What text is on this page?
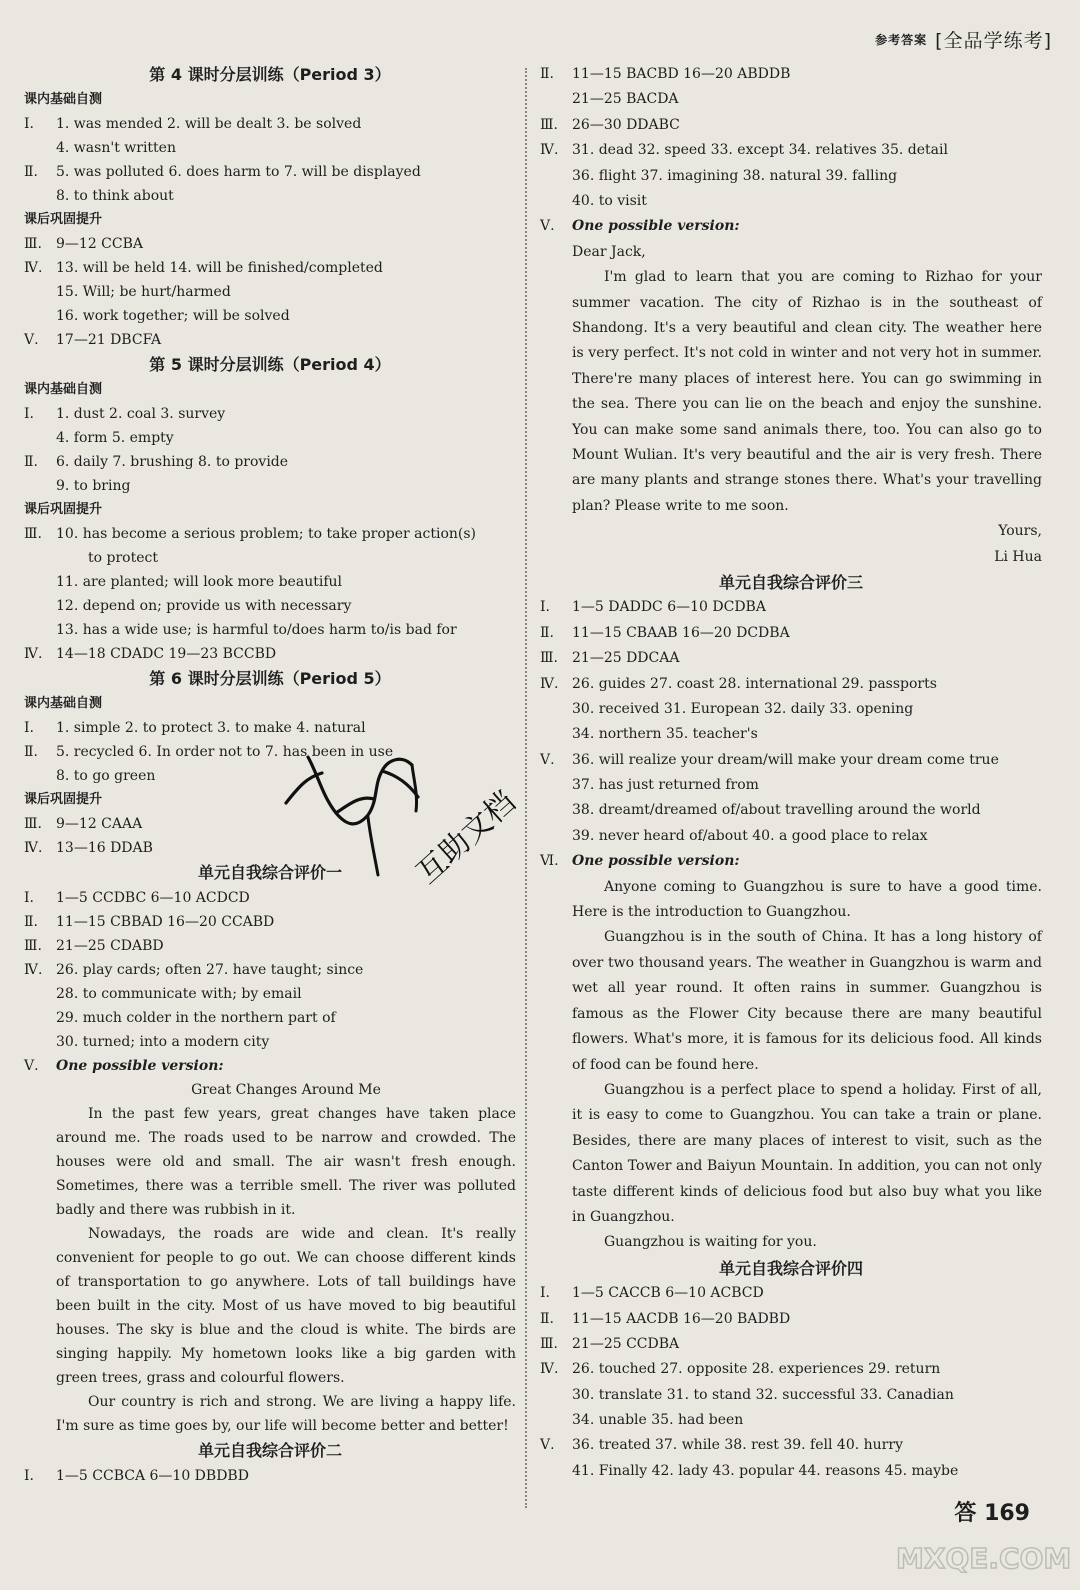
参考答案 [全品学练考]
第 4 课时分层训练（Period 3）
课内基础自测
Ⅰ. 1. was mended 2. will be dealt 3. be solved
4. wasn't written
Ⅱ. 5. was polluted 6. does harm to 7. will be displayed
8. to think about
课后巩固提升
Ⅲ. 9—12 CCBA
Ⅳ. 13. will be held 14. will be finished/completed
15. Will; be hurt/harmed
16. work together; will be solved
Ⅴ. 17—21 DBCFA
第 5 课时分层训练（Period 4）
课内基础自测
Ⅰ. 1. dust 2. coal 3. survey
4. form 5. empty
Ⅱ. 6. daily 7. brushing 8. to provide
9. to bring
课后巩固提升
Ⅲ. 10. has become a serious problem; to take proper action(s)
to protect
11. are planted; will look more beautiful
12. depend on; provide us with necessary
13. has a wide use; is harmful to/does harm to/is bad for
Ⅳ. 14—18 CDADC 19—23 BCCBD
第 6 课时分层训练（Period 5）
课内基础自测
Ⅰ. 1. simple 2. to protect 3. to make 4. natural
Ⅱ. 5. recycled 6. In order not to 7. has been in use
8. to go green
课后巩固提升
Ⅲ. 9—12 CAAA
Ⅳ. 13—16 DDAB
单元自我综合评价一
Ⅰ. 1—5 CCDBC 6—10 ACDCD
Ⅱ. 11—15 CBBAD 16—20 CCABD
Ⅲ. 21—25 CDABD
Ⅳ. 26. play cards; often 27. have taught; since
28. to communicate with; by email
29. much colder in the northern part of
30. turned; into a modern city
Ⅴ. One possible version:
Great Changes Around Me
In the past few years, great changes have taken place around me. The roads used to be narrow and crowded. The houses were old and small. The air wasn't fresh enough. Sometimes, there was a terrible smell. The river was polluted badly and there was rubbish in it.
Nowadays, the roads are wide and clean. It's really convenient for people to go out. We can choose different kinds of transportation to go anywhere. Lots of tall buildings have been built in the city. Most of us have moved to big beautiful houses. The sky is blue and the cloud is white. The birds are singing happily. My hometown looks like a big garden with green trees, grass and colourful flowers.
Our country is rich and strong. We are living a happy life. I'm sure as time goes by, our life will become better and better!
单元自我综合评价二
Ⅰ. 1—5 CCBCA 6—10 DBDBD
Ⅱ. 11—15 BACBD 16—20 ABDDB
21—25 BACDA
Ⅲ. 26—30 DDABC
Ⅳ. 31. dead 32. speed 33. except 34. relatives 35. detail
36. flight 37. imagining 38. natural 39. falling
40. to visit
Ⅴ. One possible version:
Dear Jack,
I'm glad to learn that you are coming to Rizhao for your summer vacation. The city of Rizhao is in the southeast of Shandong. It's a very beautiful and clean city. The weather here is very perfect. It's not cold in winter and not very hot in summer. There're many places of interest here. You can go swimming in the sea. There you can lie on the beach and enjoy the sunshine. You can make some sand animals there, too. You can also go to Mount Wulian. It's very beautiful and the air is very fresh. There are many plants and strange stones there. What's your travelling plan? Please write to me soon.
Yours,
Li Hua
单元自我综合评价三
Ⅰ. 1—5 DADDC 6—10 DCDBA
Ⅱ. 11—15 CBAAB 16—20 DCDBA
Ⅲ. 21—25 DDCAA
Ⅳ. 26. guides 27. coast 28. international 29. passports
30. received 31. European 32. daily 33. opening
34. northern 35. teacher's
Ⅴ. 36. will realize your dream/will make your dream come true
37. has just returned from
38. dreamt/dreamed of/about travelling around the world
39. never heard of/about 40. a good place to relax
Ⅵ. One possible version:
Anyone coming to Guangzhou is sure to have a good time. Here is the introduction to Guangzhou.
Guangzhou is in the south of China. It has a long history of over two thousand years. The weather in Guangzhou is warm and wet all year round. It often rains in summer. Guangzhou is famous as the Flower City because there are many beautiful flowers. What's more, it is famous for its delicious food. All kinds of food can be found here.
Guangzhou is a perfect place to spend a holiday. First of all, it is easy to come to Guangzhou. You can take a train or plane. Besides, there are many places of interest to visit, such as the Canton Tower and Baiyun Mountain. In addition, you can not only taste different kinds of delicious food but also buy what you like in Guangzhou.
Guangzhou is waiting for you.
单元自我综合评价四
Ⅰ. 1—5 CACCB 6—10 ACBCD
Ⅱ. 11—15 AACDB 16—20 BADBD
Ⅲ. 21—25 CCDBA
Ⅳ. 26. touched 27. opposite 28. experiences 29. return
30. translate 31. to stand 32. successful 33. Canadian
34. unable 35. had been
Ⅴ. 36. treated 37. while 38. rest 39. fell 40. hurry
41. Finally 42. lady 43. popular 44. reasons 45. maybe
互助文档
答 169
MXQE.COM
